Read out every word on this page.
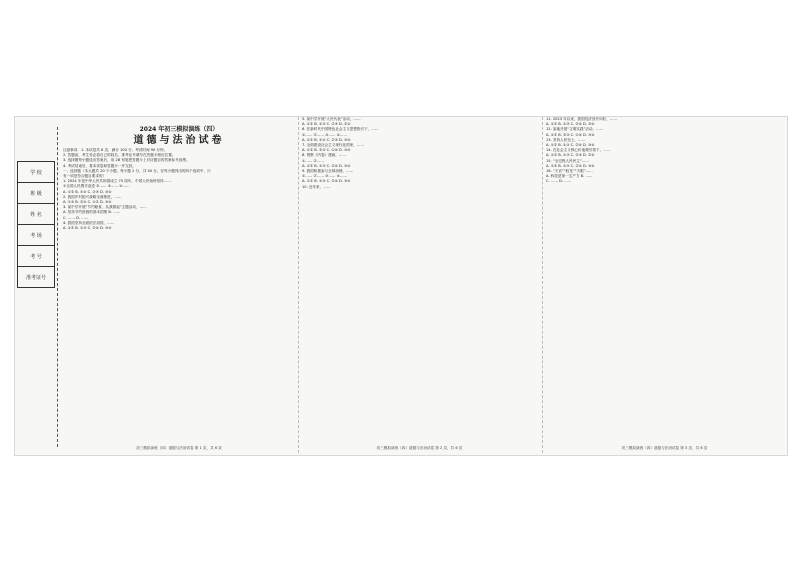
学 校
班 级
姓 名
考 场
考 号
准考证号
2024 年初三模拟演练（四）
道德与法治试卷

注意事项：1. 本试卷共 6 页，满分 100 分，考试时间 90 分钟。

2. 答题前，考生务必将自己的姓名、准考证号填写在答题卡相应位置。

3. 选择题每小题选出答案后，用 2B 铅笔把答题卡上对应题目的答案标号涂黑。

4. 考试结束后，将本试卷和答题卡一并交回。

一、选择题（本大题共 20 个小题，每小题 2 分，共 40 分。在每小题列出的四个选项中，只

有一项是符合题目要求的）

1. 2024 年是中华人民共和国成立 75 周年，中国人民始终坚持……

①全国人民携手奋进 ②…… ③…… ④……

A. ①② B. ①④ C. ②③ D. ③④

2. 我国乡村振兴战略全面推进，……

A. ①③ B. ②④ C. ①② D. ③④

3. 某中学开展“节约粮食，从我做起”主题活动，……

A. 坚持节约资源的基本国策 B. ……

C. …… D. ……

4. 我国坚持全面依法治国，……

A. ①② B. ①③ C. ②④ D. ③④

初三模拟演练（四）道德与法治试卷 第 1 页，共 6 页

5. 某中学开展“人民代表”活动，……

A. ①② B. ①③ C. ②③ D. ②④

6. 在新时代中国特色社会主义思想指引下，……

①…… ②…… ③…… ④……

A. ①② B. ①④ C. ②③ D. ③④

7. 全面建设社会主义现代化国家，……

A. ①② B. ②③ C. ①④ D. ③④

8. 观察《内卷》漫画，……

①…… ②……

A. ①② B. ①③ C. ②④ D. ③④

9. 我国积极参与全球治理，……

①…… ②…… ③…… ④……

A. ①② B. ①③ C. ②④ D. ③④

10. 近年来，……

初三模拟演练（四）道德与法治试卷 第 2 页，共 6 页

11. 2023 年以来，我国经济回升向好，……

A. ①② B. ①③ C. ②④ D. ③④

12. 某地开展“文明实践”活动，……

A. ①② B. ②③ C. ①④ D. ③④

13. 坚持人民至上，……

A. ①② B. ①③ C. ②④ D. ③④

14. 在社会主义核心价值观引领下，……

A. ①② B. ①③ C. ②③ D. ②④

15. “全过程人民民主”……

A. ①② B. ①③ C. ②④ D. ③④

16. “天宫”“蛟龙”“天眼”……

A. 科技是第一生产力 B. ……

C. …… D. ……

初三模拟演练（四）道德与法治试卷 第 3 页，共 6 页
